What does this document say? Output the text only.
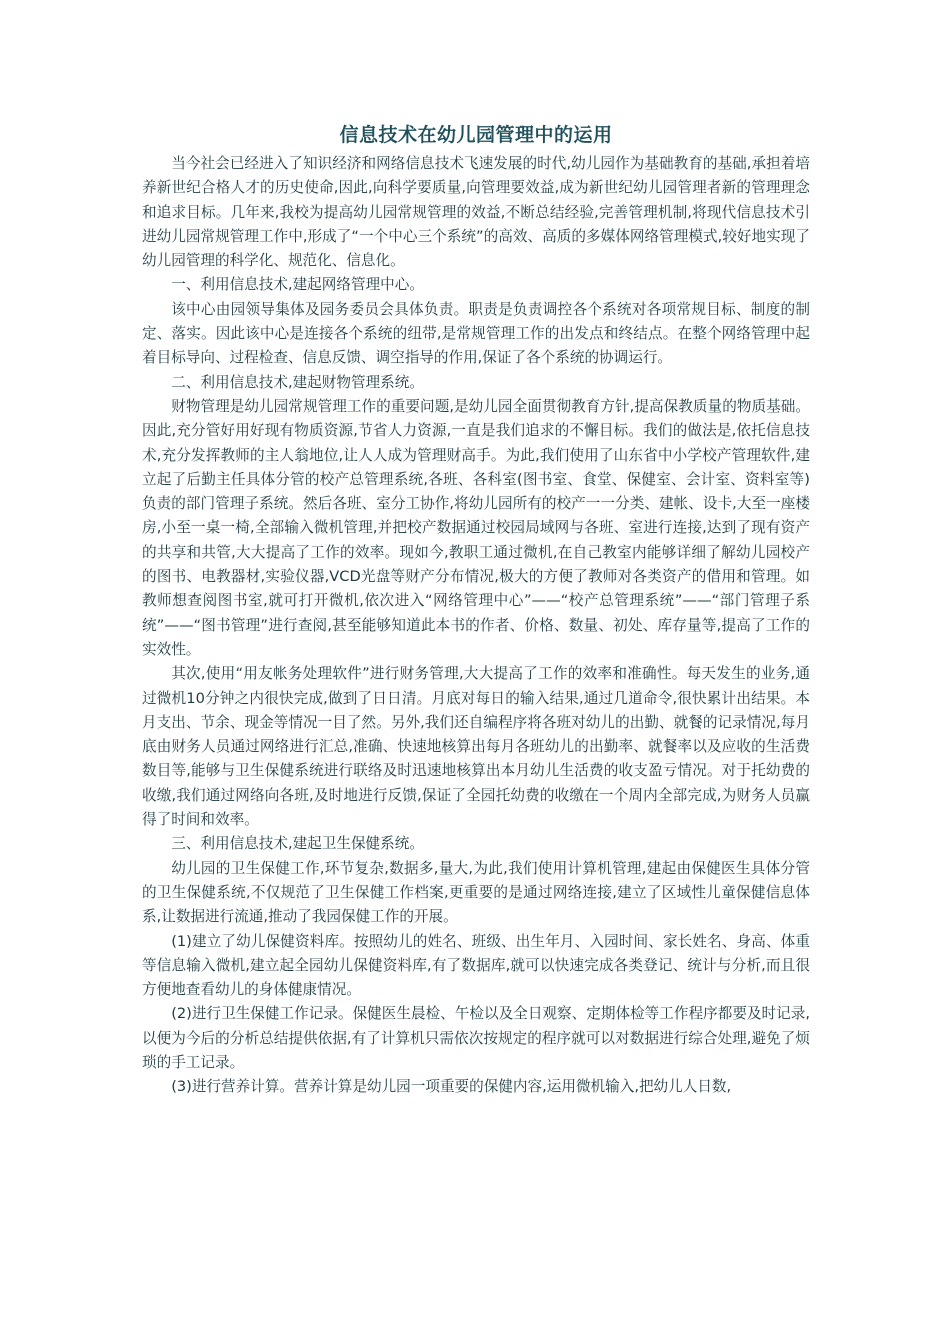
信息技术在幼儿园管理中的运用

当今社会已经进入了知识经济和网络信息技术飞速发展的时代,幼儿园作为基础教育的基础,承担着培养新世纪合格人才的历史使命,因此,向科学要质量,向管理要效益,成为新世纪幼儿园管理者新的管理理念和追求目标。几年来,我校为提高幼儿园常规管理的效益,不断总结经验,完善管理机制,将现代信息技术引进幼儿园常规管理工作中,形成了“一个中心三个系统”的高效、高质的多媒体网络管理模式,较好地实现了幼儿园管理的科学化、规范化、信息化。

一、利用信息技术,建起网络管理中心。

该中心由园领导集体及园务委员会具体负责。职责是负责调控各个系统对各项常规目标、制度的制定、落实。因此该中心是连接各个系统的纽带,是常规管理工作的出发点和终结点。在整个网络管理中起着目标导向、过程检查、信息反馈、调空指导的作用,保证了各个系统的协调运行。

二、利用信息技术,建起财物管理系统。

财物管理是幼儿园常规管理工作的重要问题,是幼儿园全面贯彻教育方针,提高保教质量的物质基础。因此,充分管好用好现有物质资源,节省人力资源,一直是我们追求的不懈目标。我们的做法是,依托信息技术,充分发挥教师的主人翁地位,让人人成为管理财高手。为此,我们使用了山东省中小学校产管理软件,建立起了后勤主任具体分管的校产总管理系统,各班、各科室(图书室、食堂、保健室、会计室、资料室等)负责的部门管理子系统。然后各班、室分工协作,将幼儿园所有的校产一一分类、建帐、设卡,大至一座楼房,小至一桌一椅,全部输入微机管理,并把校产数据通过校园局域网与各班、室进行连接,达到了现有资产的共享和共管,大大提高了工作的效率。现如今,教职工通过微机,在自己教室内能够详细了解幼儿园校产的图书、电教器材,实验仪器,VCD光盘等财产分布情况,极大的方便了教师对各类资产的借用和管理。如教师想查阅图书室,就可打开微机,依次进入“网络管理中心”——“校产总管理系统”——“部门管理子系统”——“图书管理”进行查阅,甚至能够知道此本书的作者、价格、数量、初处、库存量等,提高了工作的实效性。

其次,使用“用友帐务处理软件”进行财务管理,大大提高了工作的效率和准确性。每天发生的业务,通过微机10分钟之内很快完成,做到了日日清。月底对每日的输入结果,通过几道命令,很快累计出结果。本月支出、节余、现金等情况一目了然。另外,我们还自编程序将各班对幼儿的出勤、就餐的记录情况,每月底由财务人员通过网络进行汇总,准确、快速地核算出每月各班幼儿的出勤率、就餐率以及应收的生活费数目等,能够与卫生保健系统进行联络及时迅速地核算出本月幼儿生活费的收支盈亏情况。对于托幼费的收缴,我们通过网络向各班,及时地进行反馈,保证了全园托幼费的收缴在一个周内全部完成,为财务人员赢得了时间和效率。

三、利用信息技术,建起卫生保健系统。

幼儿园的卫生保健工作,环节复杂,数据多,量大,为此,我们使用计算机管理,建起由保健医生具体分管的卫生保健系统,不仅规范了卫生保健工作档案,更重要的是通过网络连接,建立了区域性儿童保健信息体系,让数据进行流通,推动了我园保健工作的开展。

(1)建立了幼儿保健资料库。按照幼儿的姓名、班级、出生年月、入园时间、家长姓名、身高、体重等信息输入微机,建立起全园幼儿保健资料库,有了数据库,就可以快速完成各类登记、统计与分析,而且很方便地查看幼儿的身体健康情况。

(2)进行卫生保健工作记录。保健医生晨检、午检以及全日观察、定期体检等工作程序都要及时记录,以便为今后的分析总结提供依据,有了计算机只需依次按规定的程序就可以对数据进行综合处理,避免了烦琐的手工记录。

(3)进行营养计算。营养计算是幼儿园一项重要的保健内容,运用微机输入,把幼儿人日数,
